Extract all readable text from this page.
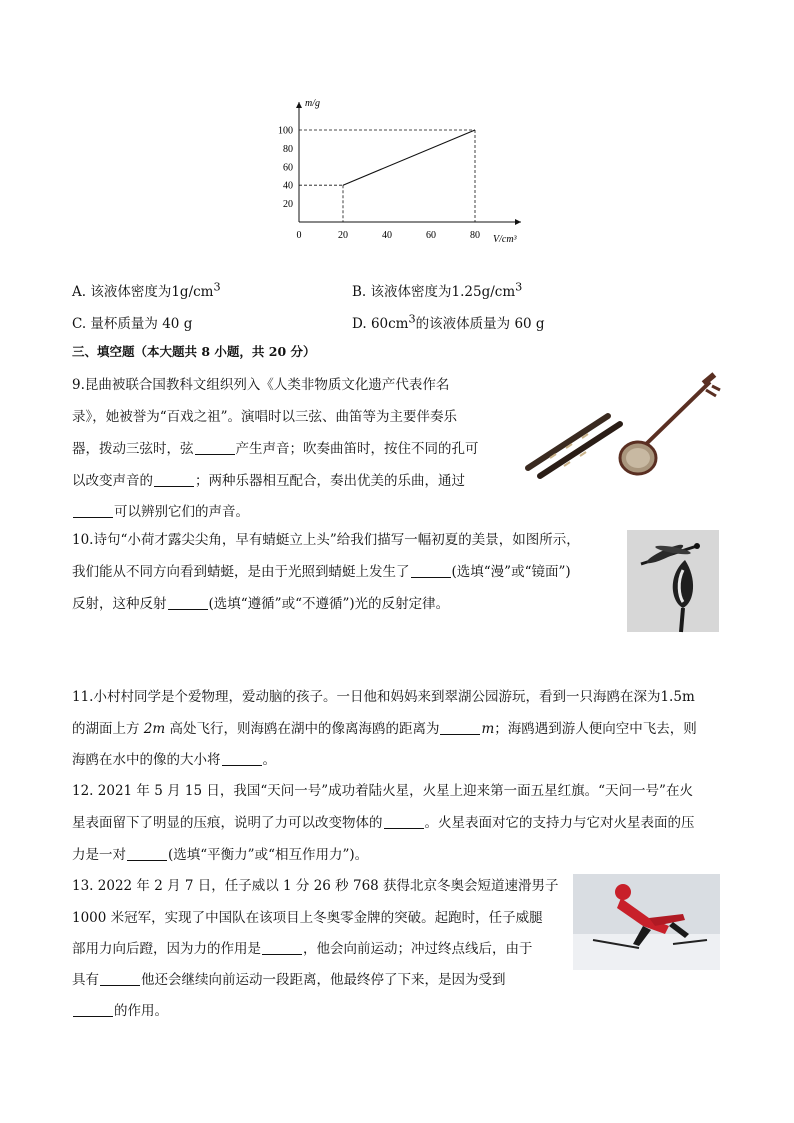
m/g
V/cm³
0	20	40	60	80
100
80
60
40
20
A. 该液体密度为$1g/cm^3$	B. 该液体密度为$1.25g/cm^3$
C. 量杯质量为 40 g	D. $60cm^3$的该液体质量为 60 g
三、填空题（本大题共 8 小题，共 20 分）
9.昆曲被联合国教科文组织列入《人类非物质文化遗产代表作名
录》，她被誉为“百戏之祖”。演唱时以三弦、曲笛等为主要伴奏乐
器，拨动三弦时，弦	产生声音；吹奏曲笛时，按住不同的孔可
以改变声音的	；两种乐器相互配合，奏出优美的乐曲，通过
可以辨别它们的声音。
10.诗句“小荷才露尖尖角，早有蜻蜓立上头”给我们描写一幅初夏的美景，如图所示，
我们能从不同方向看到蜻蜓，是由于光照到蜻蜓上发生了	(选填“漫”或“镜面”)
反射，这种反射	(选填“遵循”或“不遵循”)光的反射定律。
11.小村村同学是个爱物理，爱动脑的孩子。一日他和妈妈来到翠湖公园游玩，看到一只海鸥在深为1.5m
的湖面上方 2m 高处飞行，则海鸥在湖中的像离海鸥的距离为	m；海鸥遇到游人便向空中飞去，则
海鸥在水中的像的大小将	。
12. 2021 年 5 月 15 日，我国“天问一号”成功着陆火星，火星上迎来第一面五星红旗。“天问一号”在火
星表面留下了明显的压痕，说明了力可以改变物体的	。火星表面对它的支持力与它对火星表面的压
力是一对	(选填“平衡力”或“相互作用力”)。
13. 2022 年 2 月 7 日，任子威以 1 分 26 秒 768 获得北京冬奥会短道速滑男子
1000 米冠军，实现了中国队在该项目上冬奥零金牌的突破。起跑时，任子威腿
部用力向后蹬，因为力的作用是	，他会向前运动；冲过终点线后，由于
具有	他还会继续向前运动一段距离，他最终停了下来，是因为受到
的作用。
